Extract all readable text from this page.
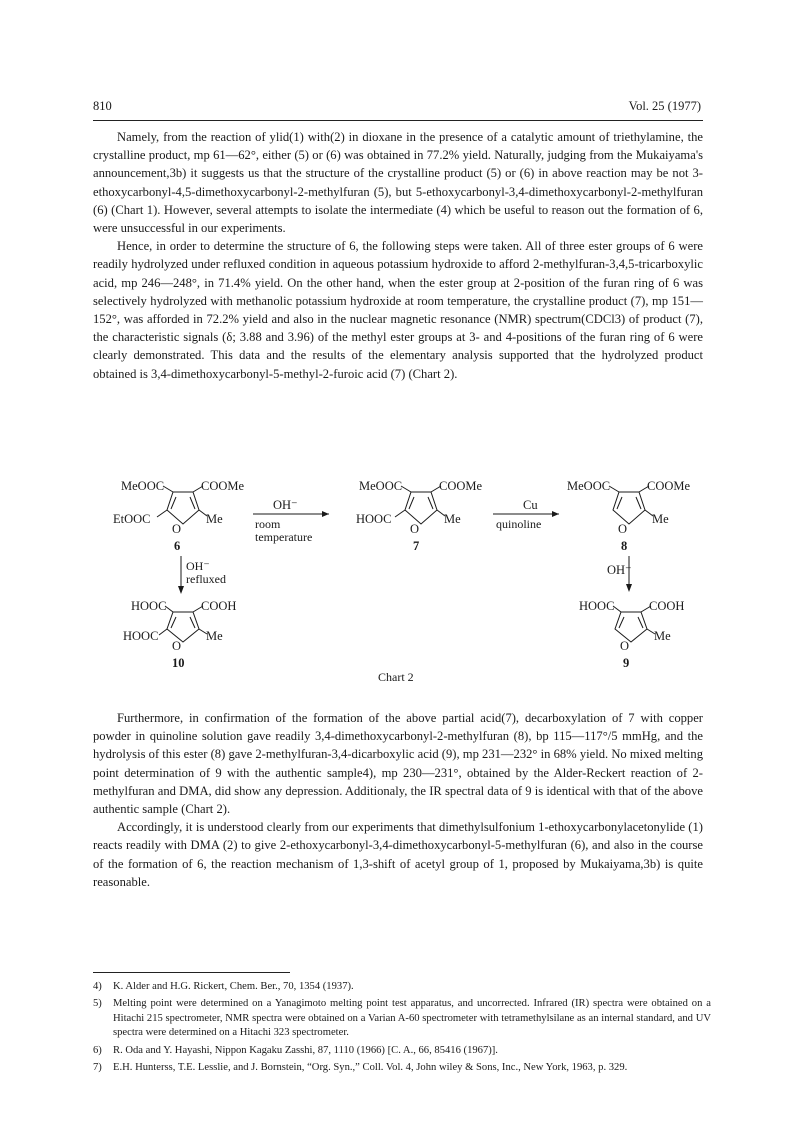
810	Vol. 25 (1977)

Namely, from the reaction of ylid(1) with(2) in dioxane in the presence of a catalytic amount of triethylamine, the crystalline product, mp 61—62°, either (5) or (6) was obtained in 77.2% yield. Naturally, judging from the Mukaiyama's announcement,3b) it suggests us that the structure of the crystalline product (5) or (6) in above reaction may be not 3-ethoxycarbonyl-4,5-dimethoxycarbonyl-2-methylfuran (5), but 5-ethoxycarbonyl-3,4-dimethoxycarbonyl-2-methylfuran (6) (Chart 1). However, several attempts to isolate the intermediate (4) which be useful to reason out the formation of 6, were unsuccessful in our experiments.

Hence, in order to determine the structure of 6, the following steps were taken. All of three ester groups of 6 were readily hydrolyzed under refluxed condition in aqueous potassium hydroxide to afford 2-methylfuran-3,4,5-tricarboxylic acid, mp 246—248°, in 71.4% yield. On the other hand, when the ester group at 2-position of the furan ring of 6 was selectively hydrolyzed with methanolic potassium hydroxide at room temperature, the crystalline product (7), mp 151—152°, was afforded in 72.2% yield and also in the nuclear magnetic resonance (NMR) spectrum(CDCl3) of product (7), the characteristic signals (δ; 3.88 and 3.96) of the methyl ester groups at 3- and 4-positions of the furan ring of 6 were clearly demonstrated. This data and the results of the elementary analysis supported that the hydrolyzed product obtained is 3,4-dimethoxycarbonyl-5-methyl-2-furoic acid (7) (Chart 2).

MeOOC	COOMe
EtOOC	Me
O
6
OH⁻
room
temperature
MeOOC	COOMe
HOOC	Me
O
7
Cu
quinoline
MeOOC	COOMe
Me
O
8
OH⁻
OH⁻
refluxed
HOOC	COOH
HOOC	Me
O
10
HOOC	COOH
Me
O
9
Chart 2

Furthermore, in confirmation of the formation of the above partial acid(7), decarboxylation of 7 with copper powder in quinoline solution gave readily 3,4-dimethoxycarbonyl-2-methylfuran (8), bp 115—117°/5 mmHg, and the hydrolysis of this ester (8) gave 2-methylfuran-3,4-dicarboxylic acid (9), mp 231—232° in 68% yield. No mixed melting point determination of 9 with the authentic sample4), mp 230—231°, obtained by the Alder-Reckert reaction of 2-methylfuran and DMA, did show any depression. Additionaly, the IR spectral data of 9 is identical with that of the above authentic sample (Chart 2).

Accordingly, it is understood clearly from our experiments that dimethylsulfonium 1-ethoxycarbonylacetonylide (1) reacts readily with DMA (2) to give 2-ethoxycarbonyl-3,4-dimethoxycarbonyl-5-methylfuran (6), and also in the course of the formation of 6, the reaction mechanism of 1,3-shift of acetyl group of 1, proposed by Mukaiyama,3b) is quite reasonable.

4) K. Alder and H.G. Rickert, Chem. Ber., 70, 1354 (1937).
5) Melting point were determined on a Yanagimoto melting point test apparatus, and uncorrected. Infrared (IR) spectra were obtained on a Hitachi 215 spectrometer, NMR spectra were obtained on a Varian A-60 spectrometer with tetramethylsilane as an internal standard, and UV spectra were determined on a Hitachi 323 spectrometer.
6) R. Oda and Y. Hayashi, Nippon Kagaku Zasshi, 87, 1110 (1966) [C. A., 66, 85416 (1967)].
7) E.H. Hunterss, T.E. Lesslie, and J. Bornstein, “Org. Syn.,” Coll. Vol. 4, John wiley & Sons, Inc., New York, 1963, p. 329.
